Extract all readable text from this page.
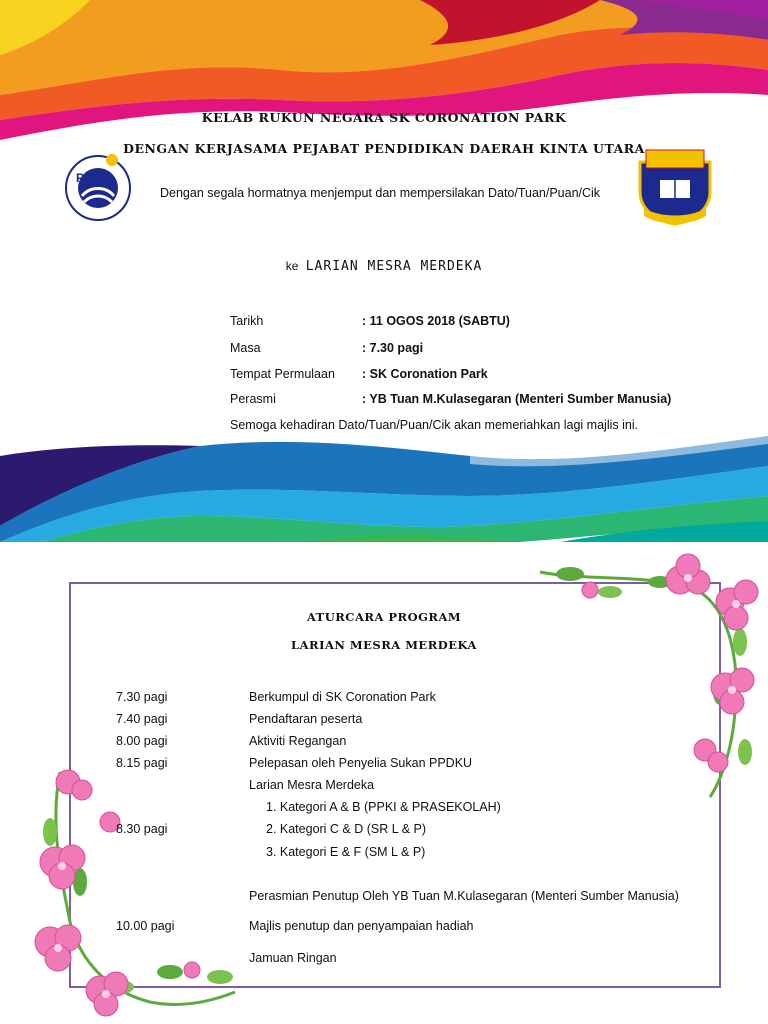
KELAB RUKUN NEGARA SK CORONATION PARK
DENGAN KERJASAMA PEJABAT PENDIDIKAN DAERAH KINTA UTARA
PPD
Dengan segala hormatnya menjemput dan mempersilakan Dato/Tuan/Puan/Cik
ke LARIAN MESRA MERDEKA
Tarikh	: 11 OGOS 2018 (SABTU)
Masa	: 7.30 pagi
Tempat Permulaan : SK Coronation Park
Perasmi	: YB Tuan M.Kulasegaran (Menteri Sumber Manusia)
Semoga kehadiran Dato/Tuan/Puan/Cik akan memeriahkan lagi majlis ini.
ATURCARA PROGRAM
LARIAN MESRA MERDEKA
7.30 pagi	Berkumpul di SK Coronation Park
7.40 pagi	Pendaftaran peserta
8.00 pagi	Aktiviti Regangan
8.15 pagi	Pelepasan oleh Penyelia Sukan PPDKU
Larian Mesra Merdeka
1. Kategori A & B (PPKI & PRASEKOLAH)
8.30 pagi	2. Kategori C & D (SR L & P)
3. Kategori E & F (SM L & P)
Perasmian Penutup Oleh YB Tuan M.Kulasegaran (Menteri Sumber Manusia)
10.00 pagi	Majlis penutup dan penyampaian hadiah
Jamuan Ringan
